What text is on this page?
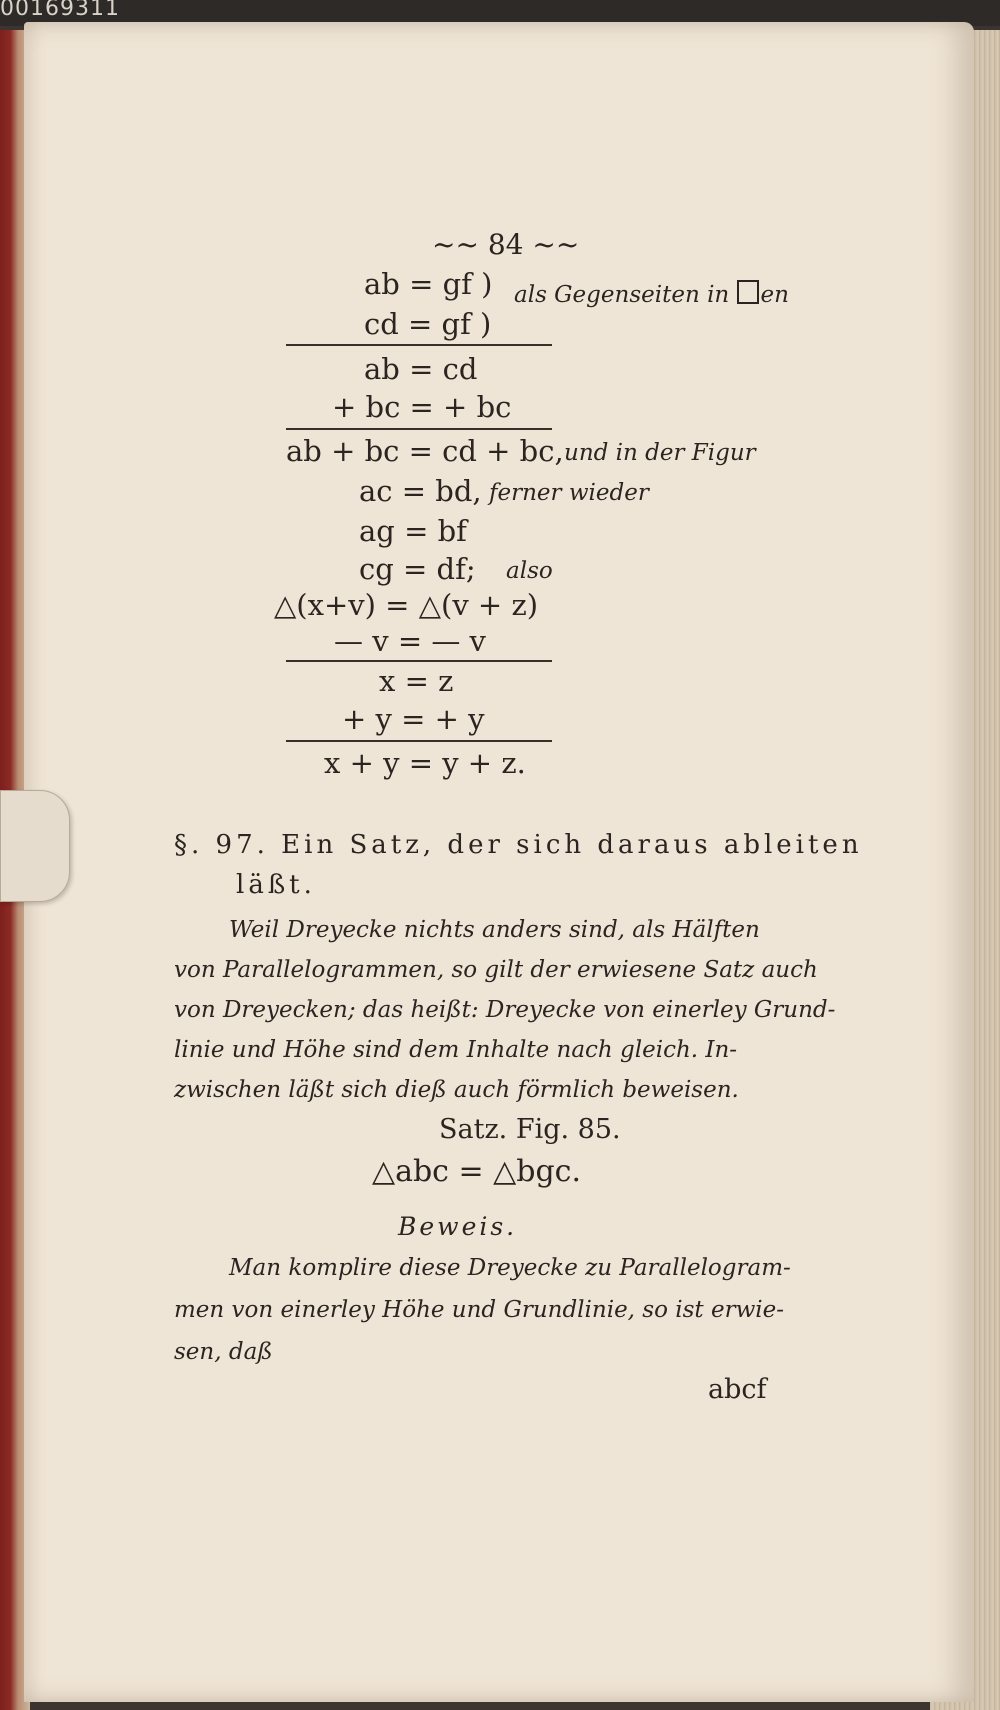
00169311
~~ 84 ~~
ab = gf )
cd = gf )
als Gegenseiten in en
ab = cd
+ bc = + bc
ab + bc = cd + bc, und in der Figur
ac = bd, ferner wieder
ag = bf
cg = df; also
△(x+v) = △(v + z)
— v = — v
x = z
+ y = + y
x + y = y + z.
§. 97. Ein Satz, der sich daraus ableiten
läßt.
Weil Dreyecke nichts anders sind, als Hälften
von Parallelogrammen, so gilt der erwiesene Satz auch
von Dreyecken; das heißt: Dreyecke von einerley Grund-
linie und Höhe sind dem Inhalte nach gleich. In-
zwischen läßt sich dieß auch förmlich beweisen.
Satz. Fig. 85.
△abc = △bgc.
Beweis.
Man komplire diese Dreyecke zu Parallelogram-
men von einerley Höhe und Grundlinie, so ist erwie-
sen, daß
abcf
